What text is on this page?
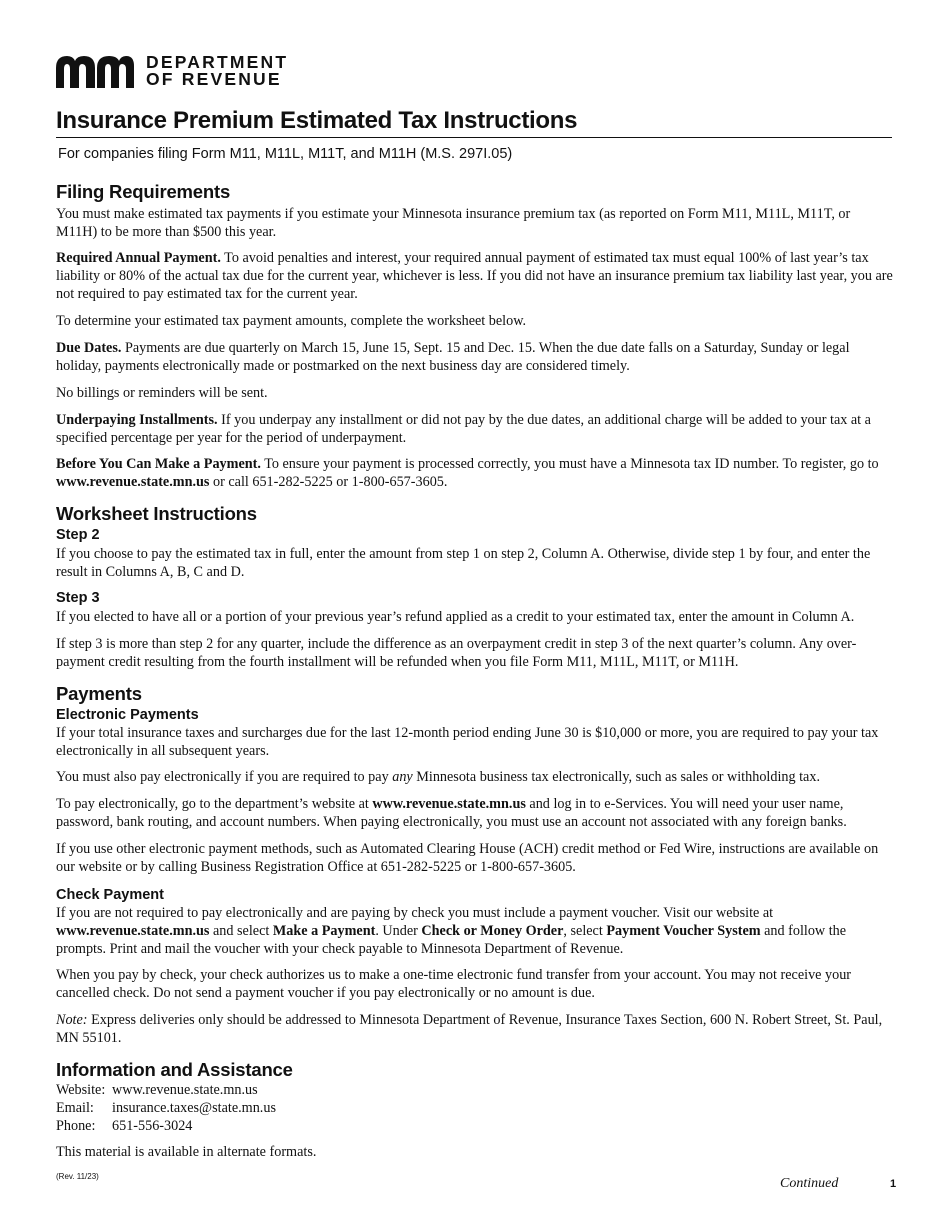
DEPARTMENT
OF REVENUE
Insurance Premium Estimated Tax Instructions

For companies filing Form M11, M11L, M11T, and M11H (M.S. 297I.05)

Filing Requirements

You must make estimated tax payments if you estimate your Minnesota insurance premium tax (as reported on Form M11, M11L, M11T, or M11H) to be more than $500 this year.

Required Annual Payment. To avoid penalties and interest, your required annual payment of estimated tax must equal 100% of last year’s tax liability or 80% of the actual tax due for the current year, whichever is less. If you did not have an insurance premium tax liability last year, you are not required to pay estimated tax for the current year.

To determine your estimated tax payment amounts, complete the worksheet below.

Due Dates. Payments are due quarterly on March 15, June 15, Sept. 15 and Dec. 15. When the due date falls on a Saturday, Sunday or legal holiday, payments electronically made or postmarked on the next business day are considered timely.

No billings or reminders will be sent.

Underpaying Installments. If you underpay any installment or did not pay by the due dates, an additional charge will be added to your tax at a specified percentage per year for the period of underpayment.

Before You Can Make a Payment. To ensure your payment is processed correctly, you must have a Minnesota tax ID number. To register, go to www.revenue.state.mn.us or call 651-282-5225 or 1-800-657-3605.

Worksheet Instructions
Step 2

If you choose to pay the estimated tax in full, enter the amount from step 1 on step 2, Column A. Otherwise, divide step 1 by four, and enter the result in Columns A, B, C and D.

Step 3

If you elected to have all or a portion of your previous year’s refund applied as a credit to your estimated tax, enter the amount in Column A.

If step 3 is more than step 2 for any quarter, include the difference as an overpayment credit in step 3 of the next quarter’s column. Any over-payment credit resulting from the fourth installment will be refunded when you file Form M11, M11L, M11T, or M11H.

Payments
Electronic Payments

If your total insurance taxes and surcharges due for the last 12-month period ending June 30 is $10,000 or more, you are required to pay your tax electronically in all subsequent years.

You must also pay electronically if you are required to pay any Minnesota business tax electronically, such as sales or withholding tax.

To pay electronically, go to the department’s website at www.revenue.state.mn.us and log in to e-Services. You will need your user name, password, bank routing, and account numbers. When paying electronically, you must use an account not associated with any foreign banks.

If you use other electronic payment methods, such as Automated Clearing House (ACH) credit method or Fed Wire, instructions are available on our website or by calling Business Registration Office at 651-282-5225 or 1-800-657-3605.

Check Payment

If you are not required to pay electronically and are paying by check you must include a payment voucher. Visit our website at www.revenue.state.mn.us and select Make a Payment. Under Check or Money Order, select Payment Voucher System and follow the prompts. Print and mail the voucher with your check payable to Minnesota Department of Revenue.

When you pay by check, your check authorizes us to make a one-time electronic fund transfer from your account. You may not receive your cancelled check. Do not send a payment voucher if you pay electronically or no amount is due.

Note: Express deliveries only should be addressed to Minnesota Department of Revenue, Insurance Taxes Section, 600 N. Robert Street, St. Paul, MN 55101.

Information and Assistance
Website: www.revenue.state.mn.us
Email:	insurance.taxes@state.mn.us
Phone:	651-556-3024

This material is available in alternate formats.

(Rev. 11/23)	Continued	1
